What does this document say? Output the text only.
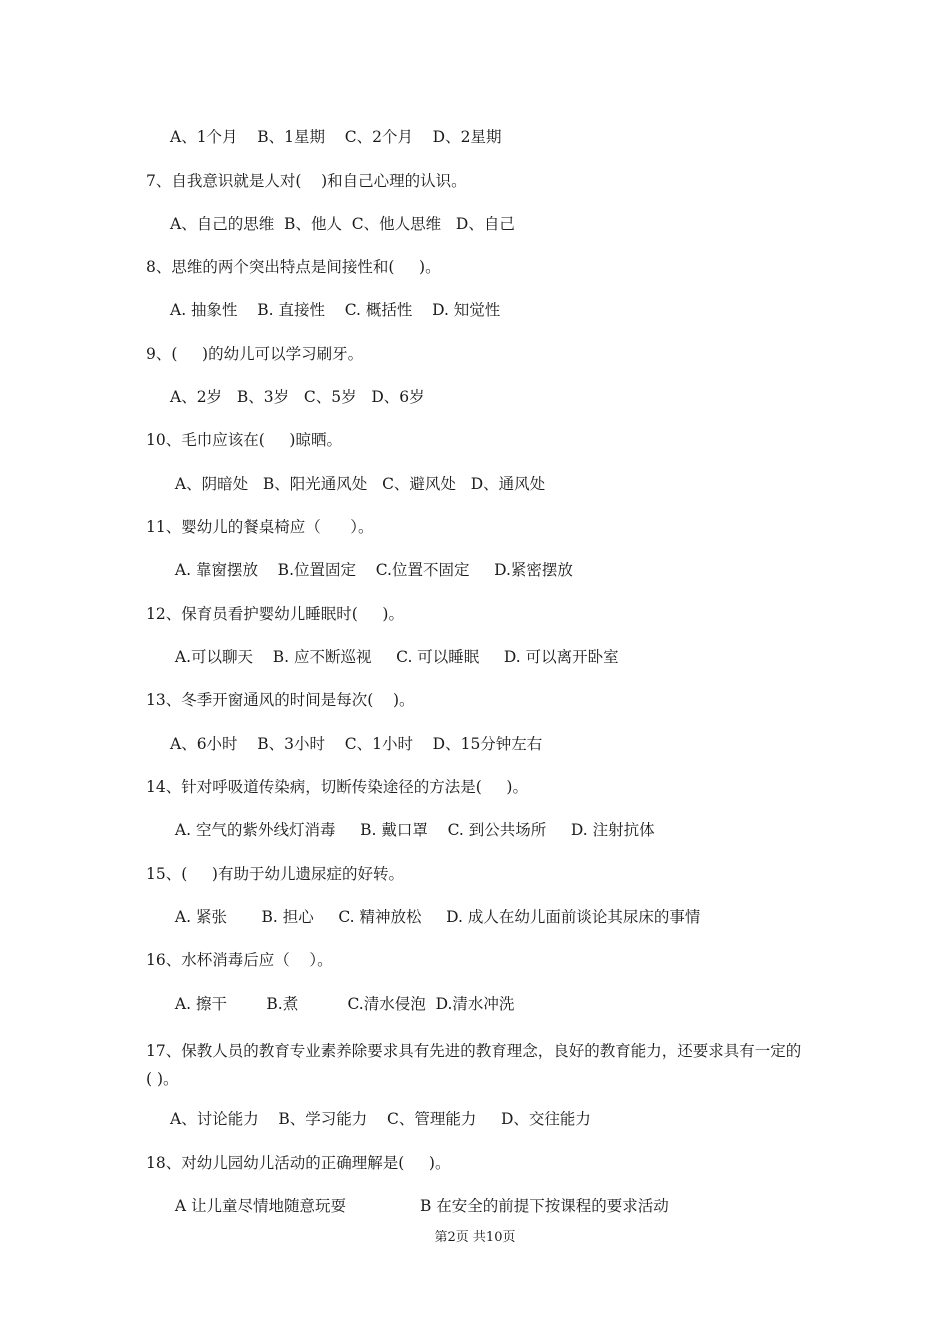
A、1个月    B、1星期    C、2个月    D、2星期

7、自我意识就是人对(    )和自己心理的认识。

A、自己的思维  B、他人  C、他人思维   D、自己

8、思维的两个突出特点是间接性和(     )。

A. 抽象性    B. 直接性    C. 概括性    D. 知觉性

9、(     )的幼儿可以学习刷牙。

A、2岁   B、3岁   C、5岁   D、6岁

10、毛巾应该在(     )晾晒。

A、阴暗处   B、阳光通风处   C、避风处   D、通风处

11、婴幼儿的餐桌椅应（      ）。

A. 靠窗摆放    B.位置固定    C.位置不固定     D.紧密摆放

12、保育员看护婴幼儿睡眠时(     )。

A.可以聊天    B. 应不断巡视     C. 可以睡眠     D. 可以离开卧室

13、冬季开窗通风的时间是每次(    )。

A、6小时    B、3小时    C、1小时    D、15分钟左右

14、针对呼吸道传染病，切断传染途径的方法是(     )。

A. 空气的紫外线灯消毒     B. 戴口罩    C. 到公共场所     D. 注射抗体

15、(     )有助于幼儿遗尿症的好转。

A. 紧张       B. 担心     C. 精神放松     D. 成人在幼儿面前谈论其尿床的事情

16、水杯消毒后应（    ）。

A. 擦干        B.煮          C.清水侵泡  D.清水冲洗

17、保教人员的教育专业素养除要求具有先进的教育理念，良好的教育能力，还要求具有一定的( )。

A、讨论能力    B、学习能力    C、管理能力     D、交往能力

18、对幼儿园幼儿活动的正确理解是(     )。

A 让儿童尽情地随意玩耍               B 在安全的前提下按课程的要求活动

第2页 共10页
